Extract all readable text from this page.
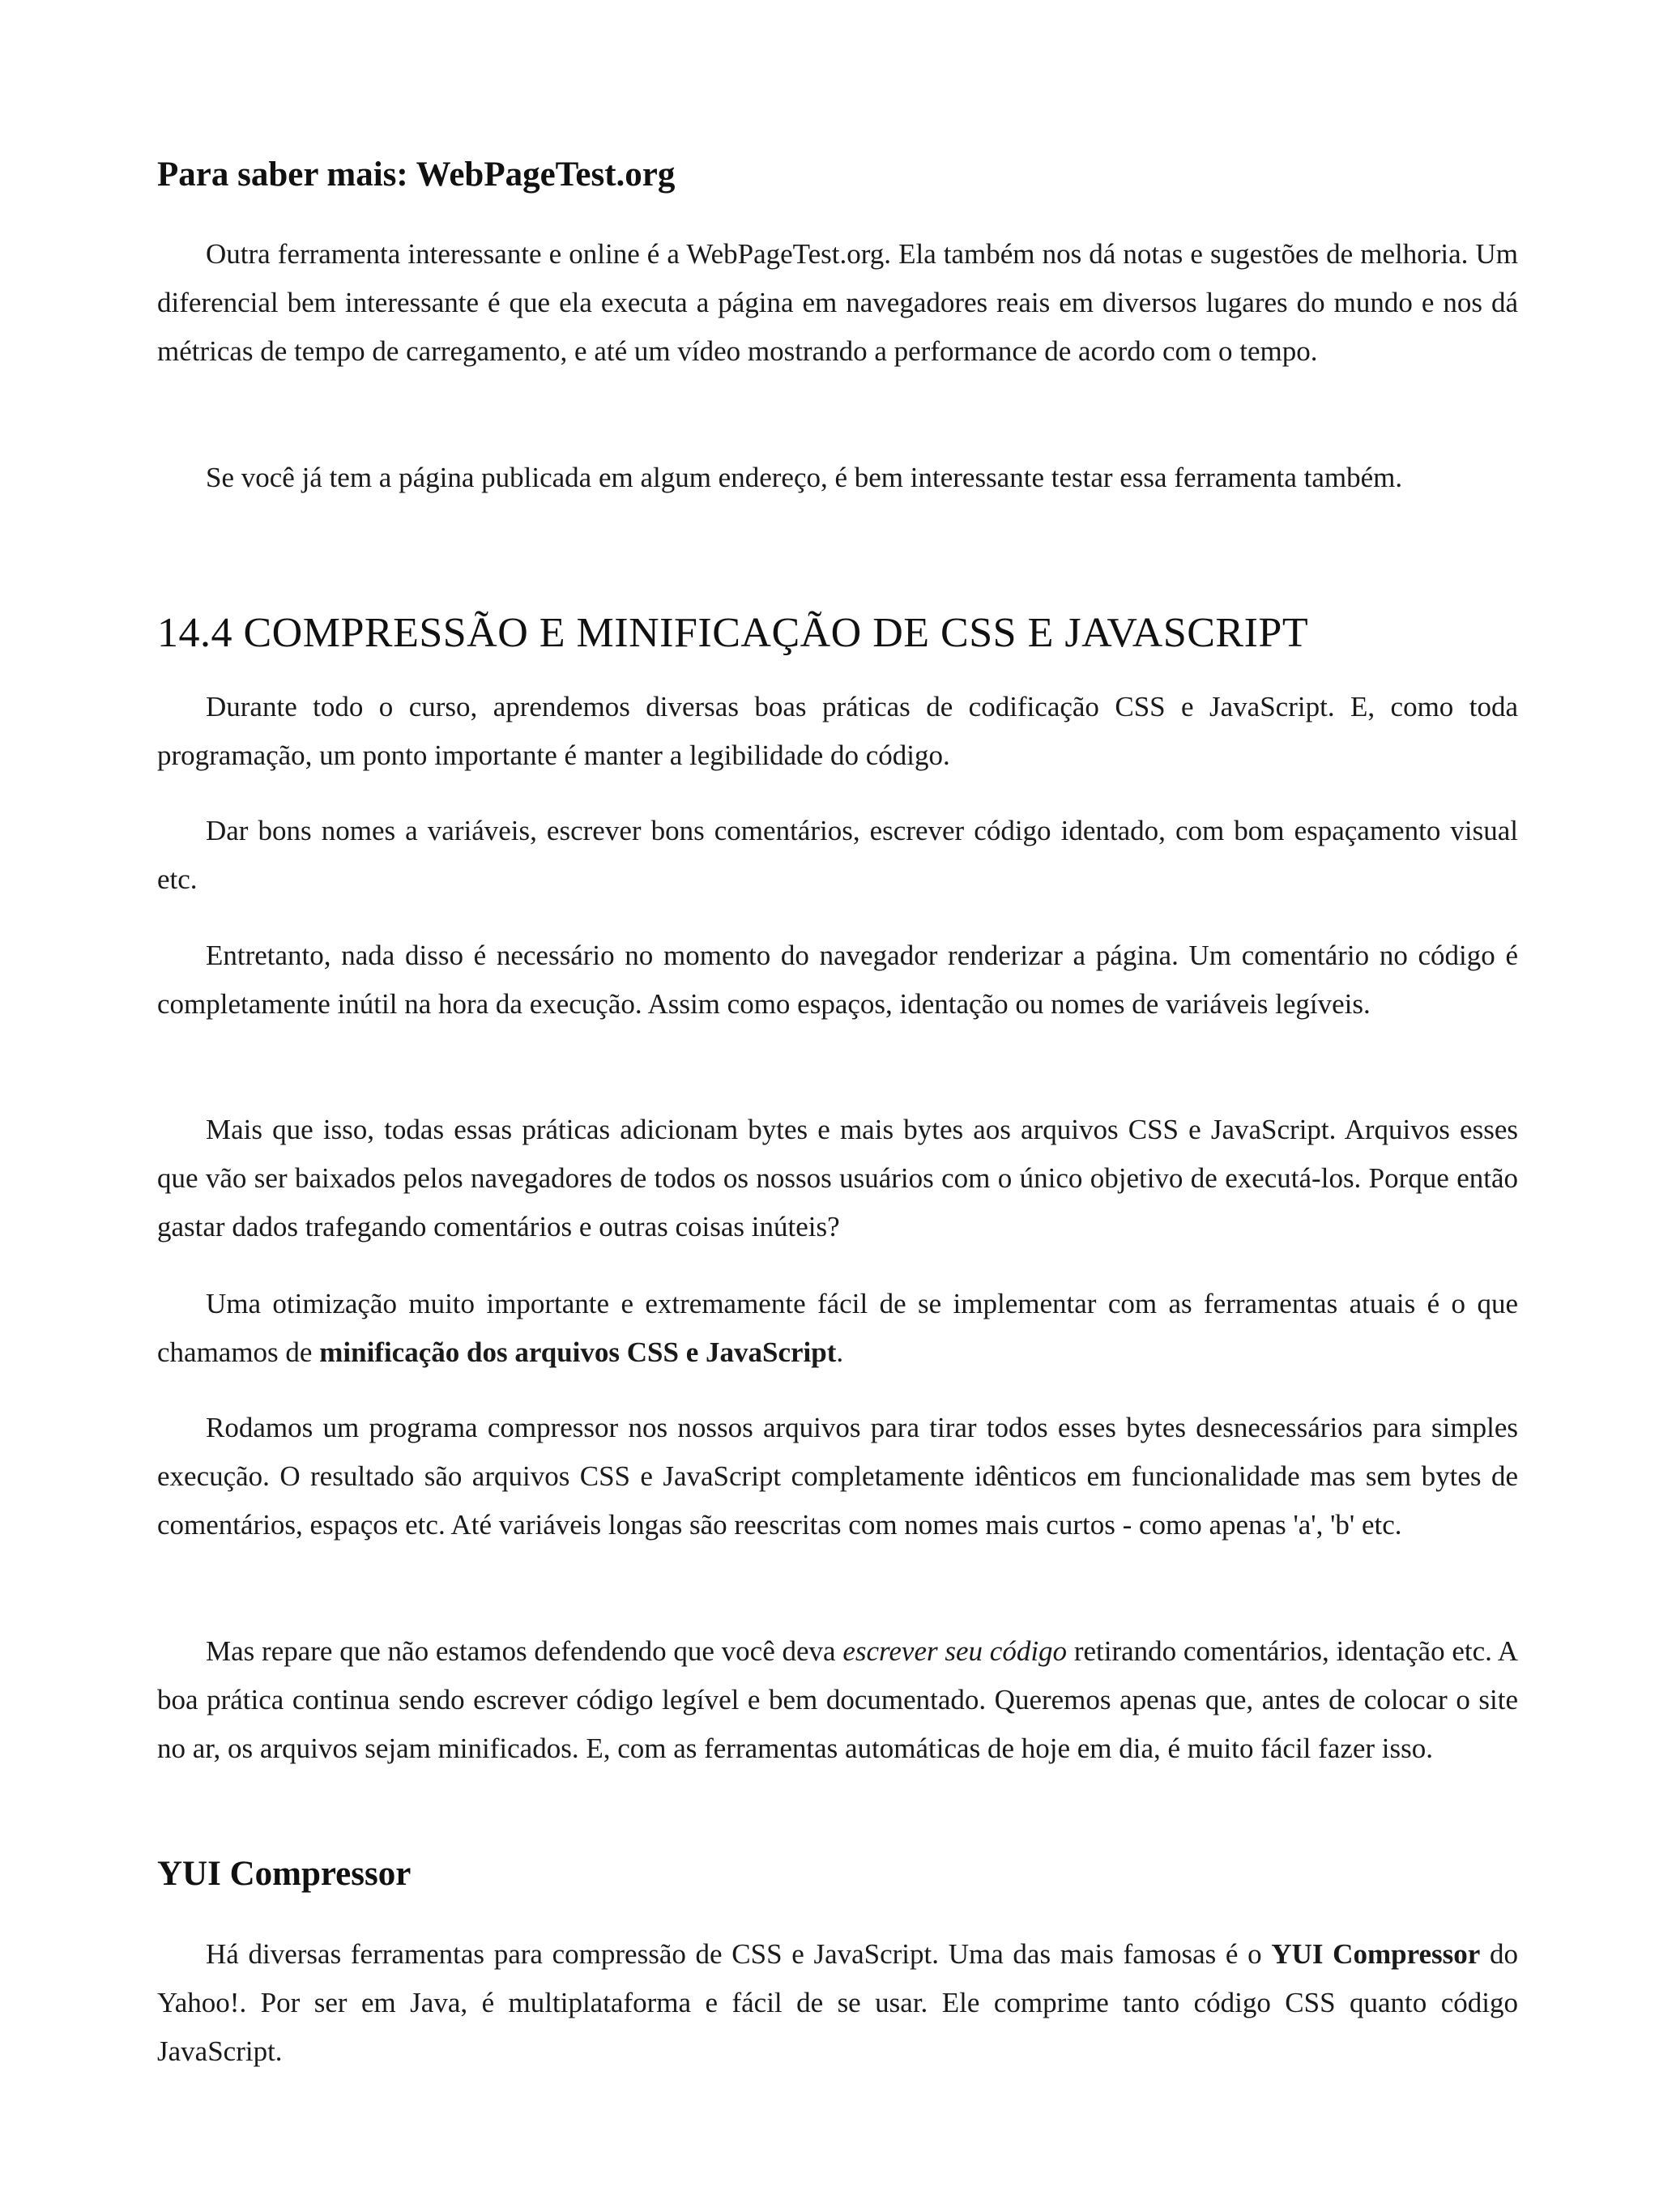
Para saber mais: WebPageTest.org

Outra ferramenta interessante e online é a WebPageTest.org. Ela também nos dá notas e sugestões de melhoria. Um diferencial bem interessante é que ela executa a página em navegadores reais em diversos lugares do mundo e nos dá métricas de tempo de carregamento, e até um vídeo mostrando a performance de acordo com o tempo.

Se você já tem a página publicada em algum endereço, é bem interessante testar essa ferramenta também.

14.4 COMPRESSÃO E MINIFICAÇÃO DE CSS E JAVASCRIPT

Durante todo o curso, aprendemos diversas boas práticas de codificação CSS e JavaScript. E, como toda programação, um ponto importante é manter a legibilidade do código.

Dar bons nomes a variáveis, escrever bons comentários, escrever código identado, com bom espaçamento visual etc.

Entretanto, nada disso é necessário no momento do navegador renderizar a página. Um comentário no código é completamente inútil na hora da execução. Assim como espaços, identação ou nomes de variáveis legíveis.

Mais que isso, todas essas práticas adicionam bytes e mais bytes aos arquivos CSS e JavaScript. Arquivos esses que vão ser baixados pelos navegadores de todos os nossos usuários com o único objetivo de executá-los. Porque então gastar dados trafegando comentários e outras coisas inúteis?

Uma otimização muito importante e extremamente fácil de se implementar com as ferramentas atuais é o que chamamos de minificação dos arquivos CSS e JavaScript.

Rodamos um programa compressor nos nossos arquivos para tirar todos esses bytes desnecessários para simples execução. O resultado são arquivos CSS e JavaScript completamente idênticos em funcionalidade mas sem bytes de comentários, espaços etc. Até variáveis longas são reescritas com nomes mais curtos - como apenas 'a', 'b' etc.

Mas repare que não estamos defendendo que você deva escrever seu código retirando comentários, identação etc. A boa prática continua sendo escrever código legível e bem documentado. Queremos apenas que, antes de colocar o site no ar, os arquivos sejam minificados. E, com as ferramentas automáticas de hoje em dia, é muito fácil fazer isso.

YUI Compressor

Há diversas ferramentas para compressão de CSS e JavaScript. Uma das mais famosas é o YUI Compressor do Yahoo!. Por ser em Java, é multiplataforma e fácil de se usar. Ele comprime tanto código CSS quanto código JavaScript.
